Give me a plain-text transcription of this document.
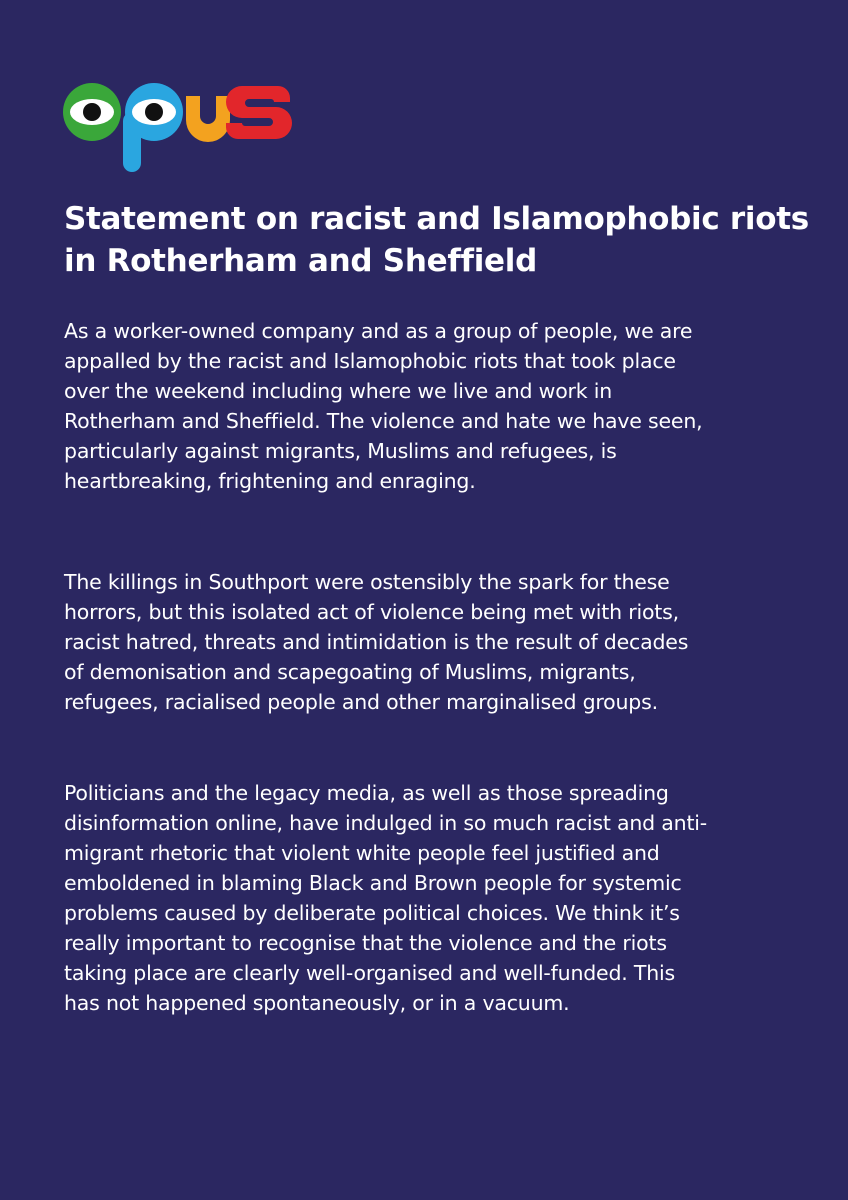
Statement on racist and Islamophobic riots
in Rotherham and Sheffield

As a worker-owned company and as a group of people, we are
appalled by the racist and Islamophobic riots that took place
over the weekend including where we live and work in
Rotherham and Sheffield. The violence and hate we have seen,
particularly against migrants, Muslims and refugees, is
heartbreaking, frightening and enraging.

The killings in Southport were ostensibly the spark for these
horrors, but this isolated act of violence being met with riots,
racist hatred, threats and intimidation is the result of decades
of demonisation and scapegoating of Muslims, migrants,
refugees, racialised people and other marginalised groups.

Politicians and the legacy media, as well as those spreading
disinformation online, have indulged in so much racist and anti-
migrant rhetoric that violent white people feel justified and
emboldened in blaming Black and Brown people for systemic
problems caused by deliberate political choices. We think it’s
really important to recognise that the violence and the riots
taking place are clearly well-organised and well-funded. This
has not happened spontaneously, or in a vacuum.
